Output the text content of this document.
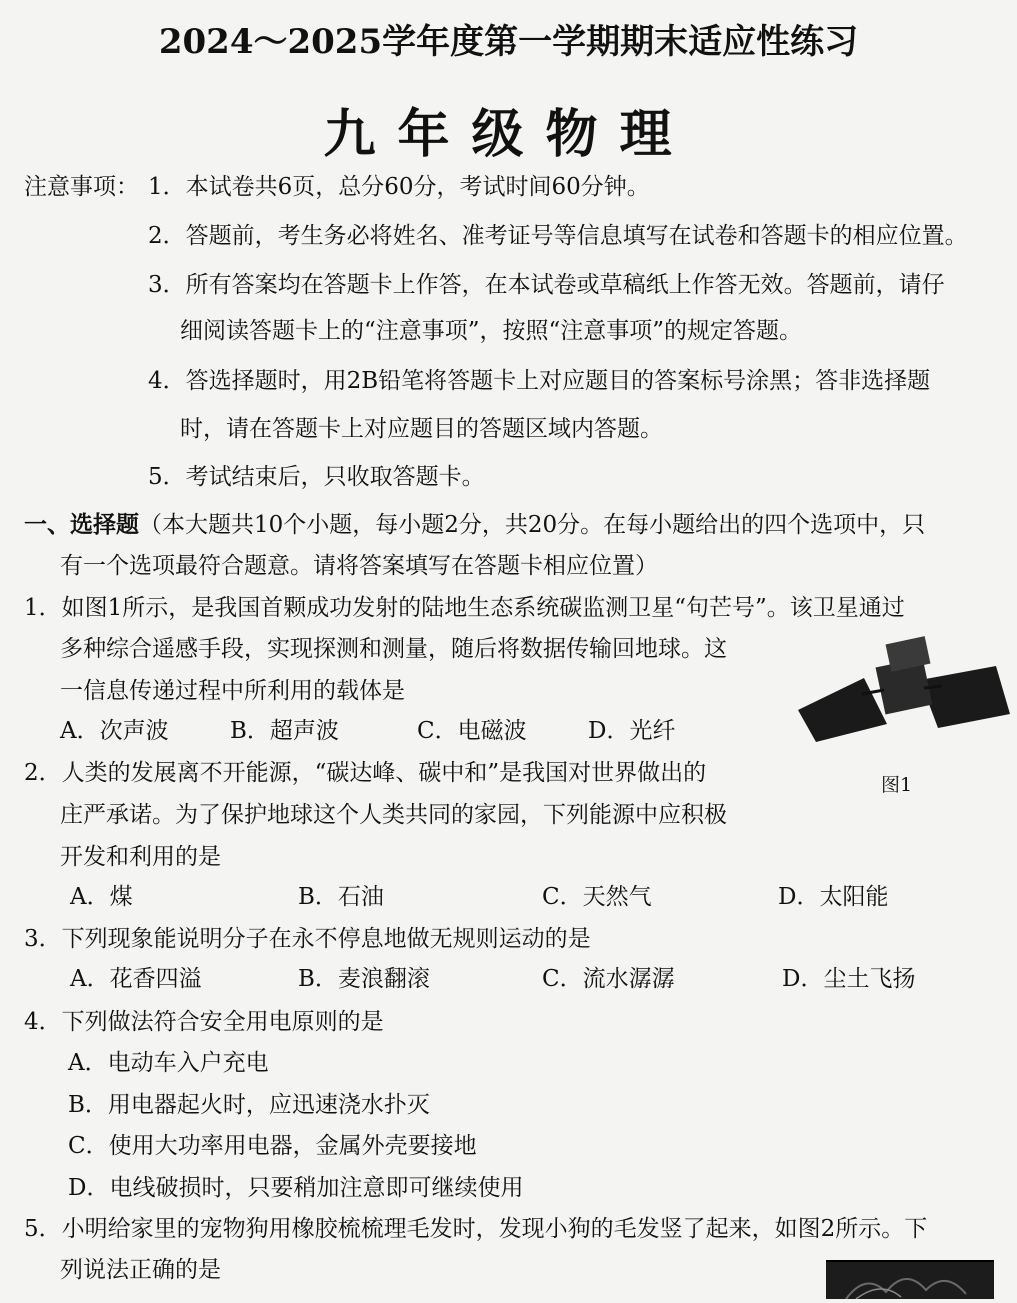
2024～2025学年度第一学期期末适应性练习
九年级物理
注意事项： 1．本试卷共6页，总分60分，考试时间60分钟。
2．答题前，考生务必将姓名、准考证号等信息填写在试卷和答题卡的相应位置。
3．所有答案均在答题卡上作答，在本试卷或草稿纸上作答无效。答题前，请仔
细阅读答题卡上的“注意事项”，按照“注意事项”的规定答题。
4．答选择题时，用2B铅笔将答题卡上对应题目的答案标号涂黑；答非选择题
时，请在答题卡上对应题目的答题区域内答题。
5．考试结束后，只收取答题卡。
一、选择题（本大题共10个小题，每小题2分，共20分。在每小题给出的四个选项中，只
有一个选项最符合题意。请将答案填写在答题卡相应位置）
1．如图1所示，是我国首颗成功发射的陆地生态系统碳监测卫星“句芒号”。该卫星通过
多种综合遥感手段，实现探测和测量，随后将数据传输回地球。这
一信息传递过程中所利用的载体是
A．次声波	B．超声波	C．电磁波	D．光纤
图1
2．人类的发展离不开能源，“碳达峰、碳中和”是我国对世界做出的
庄严承诺。为了保护地球这个人类共同的家园，下列能源中应积极
开发和利用的是
A．煤	B．石油	C．天然气	D．太阳能
3．下列现象能说明分子在永不停息地做无规则运动的是
A．花香四溢	B．麦浪翻滚	C．流水潺潺	D．尘土飞扬
4．下列做法符合安全用电原则的是
A．电动车入户充电
B．用电器起火时，应迅速浇水扑灭
C．使用大功率用电器，金属外壳要接地
D．电线破损时，只要稍加注意即可继续使用
5．小明给家里的宠物狗用橡胶梳梳理毛发时，发现小狗的毛发竖了起来，如图2所示。下
列说法正确的是
